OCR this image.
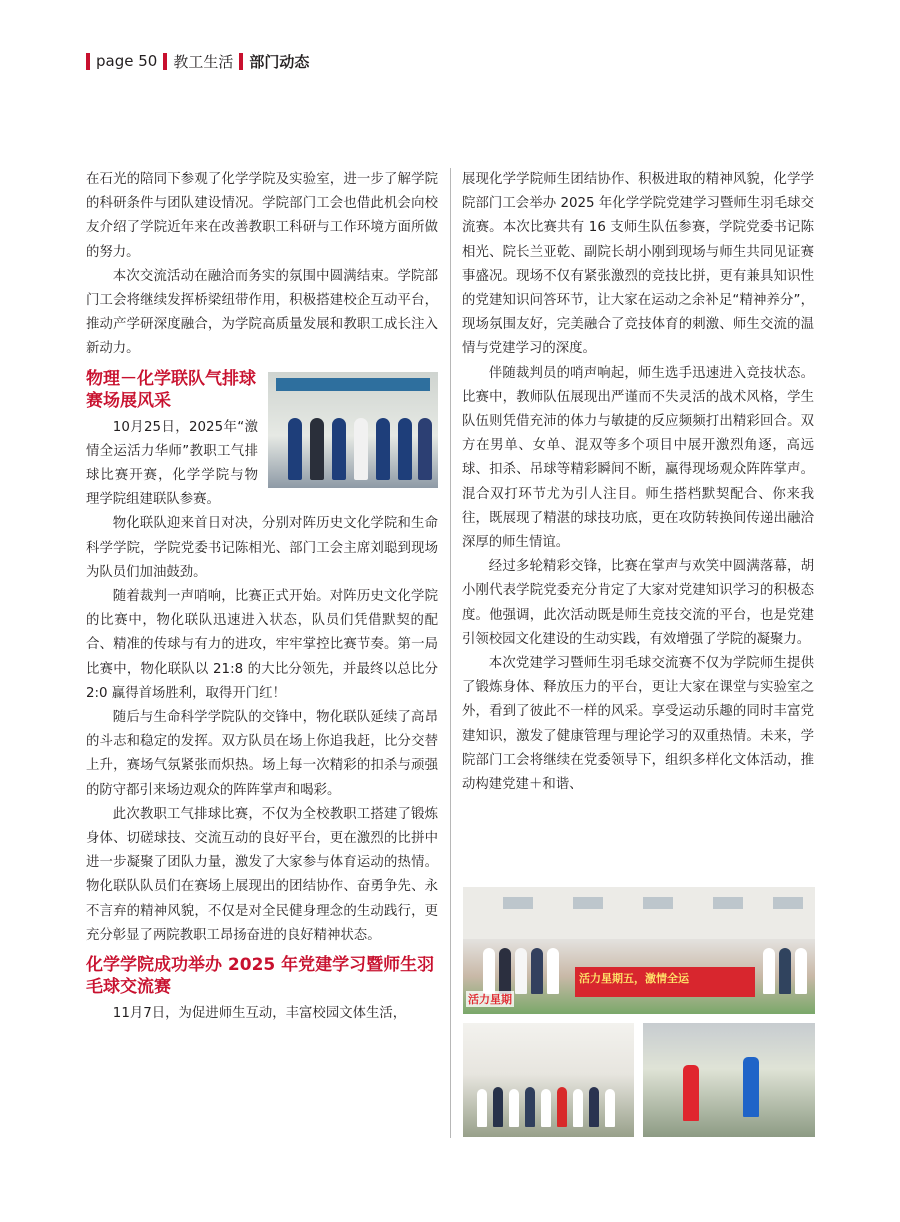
page 50 教工生活 部门动态

在石光的陪同下参观了化学学院及实验室，进一步了解学院的科研条件与团队建设情况。学院部门工会也借此机会向校友介绍了学院近年来在改善教职工科研与工作环境方面所做的努力。

本次交流活动在融洽而务实的氛围中圆满结束。学院部门工会将继续发挥桥梁纽带作用，积极搭建校企互动平台，推动产学研深度融合，为学院高质量发展和教职工成长注入新动力。

物理－化学联队气排球赛场展风采

10月25日，2025年“激情全运活力华师”教职工气排球比赛开赛，化学学院与物理学院组建联队参赛。

物化联队迎来首日对决，分别对阵历史文化学院和生命科学学院，学院党委书记陈相光、部门工会主席刘聪到现场为队员们加油鼓劲。

随着裁判一声哨响，比赛正式开始。对阵历史文化学院的比赛中，物化联队迅速进入状态，队员们凭借默契的配合、精准的传球与有力的进攻，牢牢掌控比赛节奏。第一局比赛中，物化联队以 21:8 的大比分领先，并最终以总比分 2:0 赢得首场胜利，取得开门红！

随后与生命科学学院队的交锋中，物化联队延续了高昂的斗志和稳定的发挥。双方队员在场上你追我赶，比分交替上升，赛场气氛紧张而炽热。场上每一次精彩的扣杀与顽强的防守都引来场边观众的阵阵掌声和喝彩。

此次教职工气排球比赛，不仅为全校教职工搭建了锻炼身体、切磋球技、交流互动的良好平台，更在激烈的比拼中进一步凝聚了团队力量，激发了大家参与体育运动的热情。物化联队队员们在赛场上展现出的团结协作、奋勇争先、永不言弃的精神风貌，不仅是对全民健身理念的生动践行，更充分彰显了两院教职工昂扬奋进的良好精神状态。

化学学院成功举办 2025 年党建学习暨师生羽毛球交流赛

11月7日，为促进师生互动，丰富校园文体生活，

展现化学学院师生团结协作、积极进取的精神风貌，化学学院部门工会举办 2025 年化学学院党建学习暨师生羽毛球交流赛。本次比赛共有 16 支师生队伍参赛，学院党委书记陈相光、院长兰亚乾、副院长胡小刚到现场与师生共同见证赛事盛况。现场不仅有紧张激烈的竞技比拼，更有兼具知识性的党建知识问答环节，让大家在运动之余补足“精神养分”，现场氛围友好，完美融合了竞技体育的刺激、师生交流的温情与党建学习的深度。

伴随裁判员的哨声响起，师生选手迅速进入竞技状态。比赛中，教师队伍展现出严谨而不失灵活的战术风格，学生队伍则凭借充沛的体力与敏捷的反应频频打出精彩回合。双方在男单、女单、混双等多个项目中展开激烈角逐，高远球、扣杀、吊球等精彩瞬间不断，赢得现场观众阵阵掌声。混合双打环节尤为引人注目。师生搭档默契配合、你来我往，既展现了精湛的球技功底，更在攻防转换间传递出融洽深厚的师生情谊。

经过多轮精彩交锋，比赛在掌声与欢笑中圆满落幕，胡小刚代表学院党委充分肯定了大家对党建知识学习的积极态度。他强调，此次活动既是师生竞技交流的平台，也是党建引领校园文化建设的生动实践，有效增强了学院的凝聚力。

本次党建学习暨师生羽毛球交流赛不仅为学院师生提供了锻炼身体、释放压力的平台，更让大家在课堂与实验室之外，看到了彼此不一样的风采。享受运动乐趣的同时丰富党建知识，激发了健康管理与理论学习的双重热情。未来，学院部门工会将继续在党委领导下，组织多样化文体活动，推动构建党建＋和谐、

活力星期五，激情全运
活力星期
